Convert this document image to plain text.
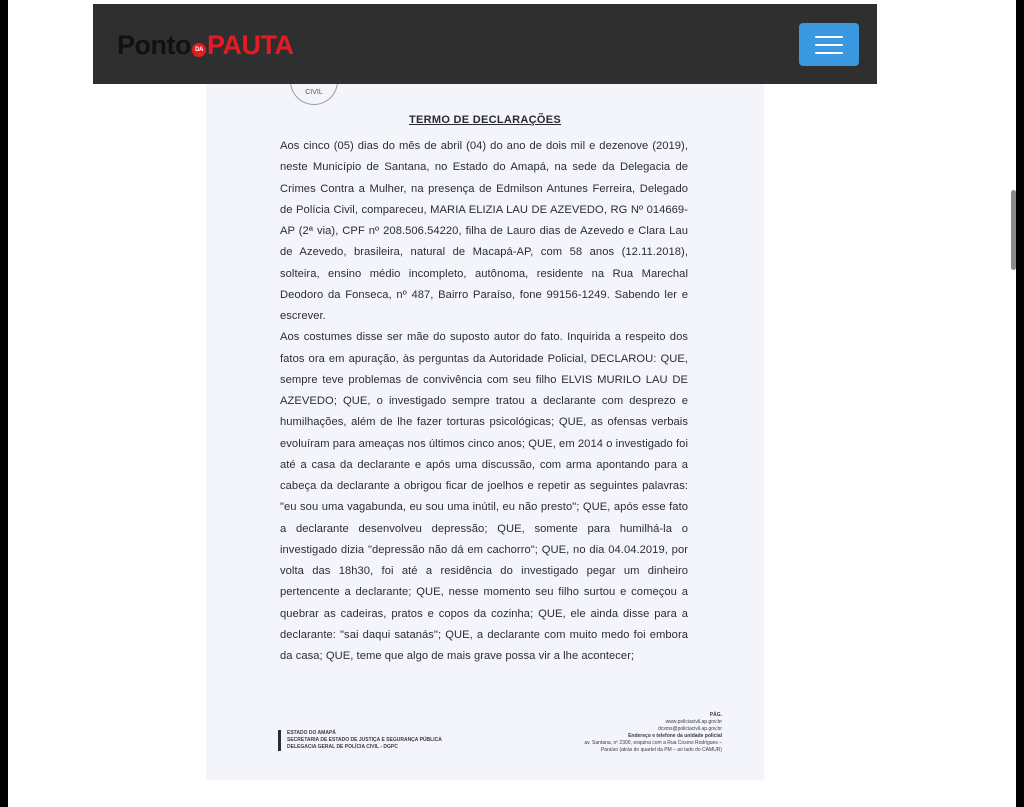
Ponto DA PAUTA
CIVIL
TERMO DE DECLARAÇÕES
Aos cinco (05) dias do mês de abril (04) do ano de dois mil e dezenove (2019), neste Município de Santana, no Estado do Amapá, na sede da Delegacia de Crimes Contra a Mulher, na presença de Edmilson Antunes Ferreira, Delegado de Polícia Civil, compareceu, MARIA ELIZIA LAU DE AZEVEDO, RG Nº 014669-AP (2ª via), CPF nº 208.506.54220, filha de Lauro dias de Azevedo e Clara Lau de Azevedo, brasileira, natural de Macapá-AP, com 58 anos (12.11.2018), solteira, ensino médio incompleto, autônoma, residente na Rua Marechal Deodoro da Fonseca, nº 487, Bairro Paraíso, fone 99156-1249. Sabendo ler e escrever.
Aos costumes disse ser mãe do suposto autor do fato. Inquirida a respeito dos fatos ora em apuração, às perguntas da Autoridade Policial, DECLAROU: QUE, sempre teve problemas de convivência com seu filho ELVIS MURILO LAU DE AZEVEDO; QUE, o investigado sempre tratou a declarante com desprezo e humilhações, além de lhe fazer torturas psicológicas; QUE, as ofensas verbais evoluíram para ameaças nos últimos cinco anos; QUE, em 2014 o investigado foi até a casa da declarante e após uma discussão, com arma apontando para a cabeça da declarante a obrigou ficar de joelhos e repetir as seguintes palavras: "eu sou uma vagabunda, eu sou uma inútil, eu não presto"; QUE, após esse fato a declarante desenvolveu depressão; QUE, somente para humilhá-la o investigado dizia "depressão não dá em cachorro"; QUE, no dia 04.04.2019, por volta das 18h30, foi até a residência do investigado pegar um dinheiro pertencente a declarante; QUE, nesse momento seu filho surtou e começou a quebrar as cadeiras, pratos e copos da cozinha; QUE, ele ainda disse para a declarante: "sai daqui satanás"; QUE, a declarante com muito medo foi embora da casa; QUE, teme que algo de mais grave possa vir a lhe acontecer;
ESTADO DO AMAPÁ
SECRETARIA DE ESTADO DE JUSTIÇA E SEGURANÇA PÚBLICA
DELEGACIA GERAL DE POLÍCIA CIVIL - DGPC
PÁG.
www.policiacivil.ap.gov.br
dcsms@policiacivil.ap.gov.br
Endereço e telefone da unidade policial
av. Santana, nº 2300, esquina com a Rua Cosmo Rodrigues –
Paraíso (atrás do quartel da PM – ao lado do CAMUR)
